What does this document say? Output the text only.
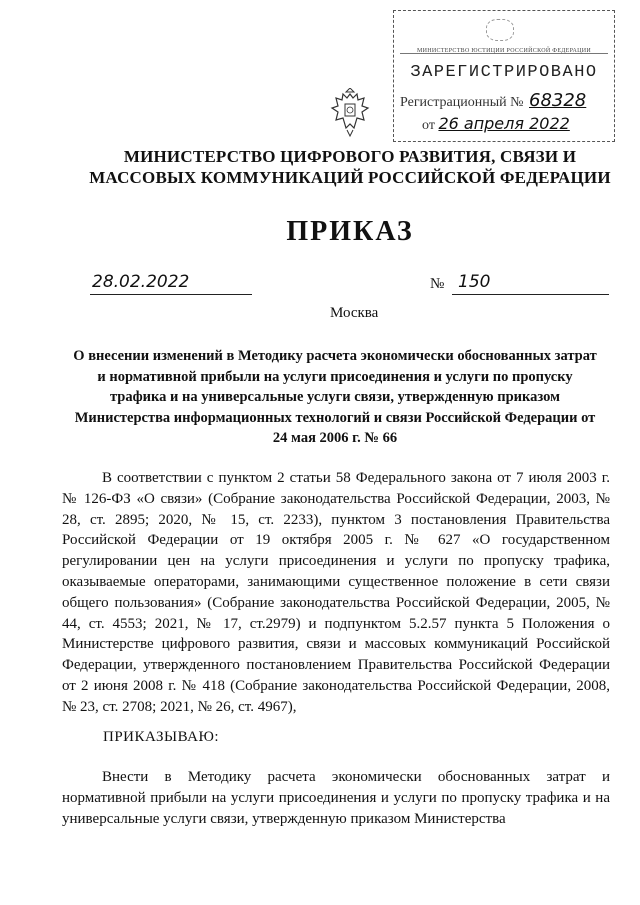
МИНИСТЕРСТВО ЮСТИЦИИ РОССИЙСКОЙ ФЕДЕРАЦИИ
ЗАРЕГИСТРИРОВАНО
Регистрационный № 68328
от 26 апреля 2022
МИНИСТЕРСТВО ЦИФРОВОГО РАЗВИТИЯ, СВЯЗИ И
МАССОВЫХ КОММУНИКАЦИЙ РОССИЙСКОЙ ФЕДЕРАЦИИ
ПРИКАЗ
28.02.2022	№ 150
Москва
О внесении изменений в Методику расчета экономически обоснованных затрат и нормативной прибыли на услуги присоединения и услуги по пропуску трафика и на универсальные услуги связи, утвержденную приказом Министерства информационных технологий и связи Российской Федерации от 24 мая 2006 г. № 66
В соответствии с пунктом 2 статьи 58 Федерального закона от 7 июля 2003 г. № 126-ФЗ «О связи» (Собрание законодательства Российской Федерации, 2003, № 28, ст. 2895; 2020, № 15, ст. 2233), пунктом 3 постановления Правительства Российской Федерации от 19 октября 2005 г. № 627 «О государственном регулировании цен на услуги присоединения и услуги по пропуску трафика, оказываемые операторами, занимающими существенное положение в сети связи общего пользования» (Собрание законодательства Российской Федерации, 2005, № 44, ст. 4553; 2021, № 17, ст.2979) и подпунктом 5.2.57 пункта 5 Положения о Министерстве цифрового развития, связи и массовых коммуникаций Российской Федерации, утвержденного постановлением Правительства Российской Федерации от 2 июня 2008 г. № 418 (Собрание законодательства Российской Федерации, 2008, № 23, ст. 2708; 2021, № 26, ст. 4967),
ПРИКАЗЫВАЮ:
Внести в Методику расчета экономически обоснованных затрат и нормативной прибыли на услуги присоединения и услуги по пропуску трафика и на универсальные услуги связи, утвержденную приказом Министерства
